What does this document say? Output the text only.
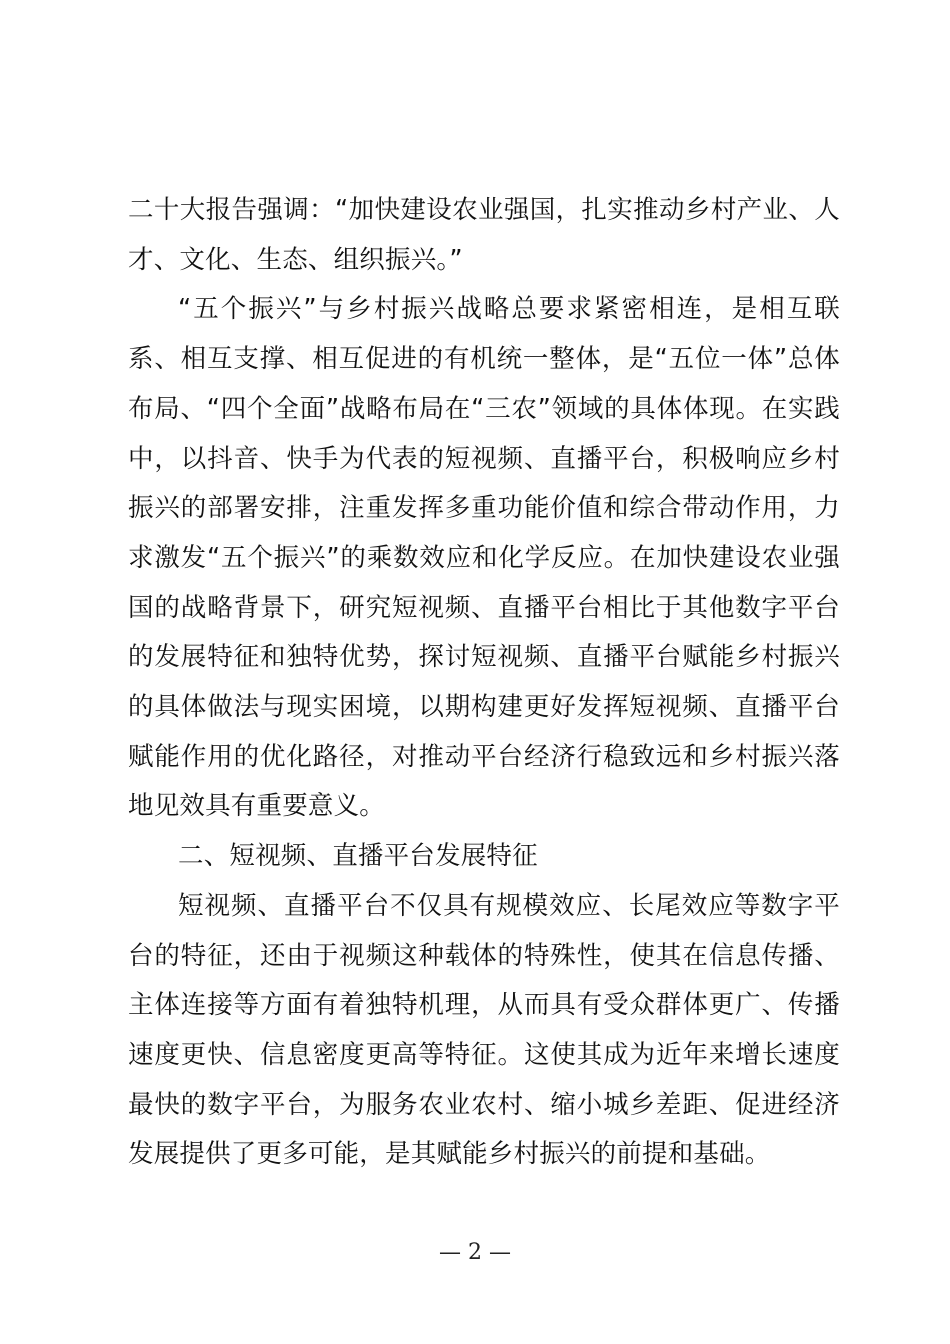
二十大报告强调：“加快建设农业强国，扎实推动乡村产业、人才、文化、生态、组织振兴。”

“五个振兴”与乡村振兴战略总要求紧密相连，是相互联系、相互支撑、相互促进的有机统一整体，是“五位一体”总体布局、“四个全面”战略布局在“三农”领域的具体体现。在实践中，以抖音、快手为代表的短视频、直播平台，积极响应乡村振兴的部署安排，注重发挥多重功能价值和综合带动作用，力求激发“五个振兴”的乘数效应和化学反应。在加快建设农业强国的战略背景下，研究短视频、直播平台相比于其他数字平台的发展特征和独特优势，探讨短视频、直播平台赋能乡村振兴的具体做法与现实困境，以期构建更好发挥短视频、直播平台赋能作用的优化路径，对推动平台经济行稳致远和乡村振兴落地见效具有重要意义。

二、短视频、直播平台发展特征

短视频、直播平台不仅具有规模效应、长尾效应等数字平台的特征，还由于视频这种载体的特殊性，使其在信息传播、主体连接等方面有着独特机理，从而具有受众群体更广、传播速度更快、信息密度更高等特征。这使其成为近年来增长速度最快的数字平台，为服务农业农村、缩小城乡差距、促进经济发展提供了更多可能，是其赋能乡村振兴的前提和基础。

— 2 —
